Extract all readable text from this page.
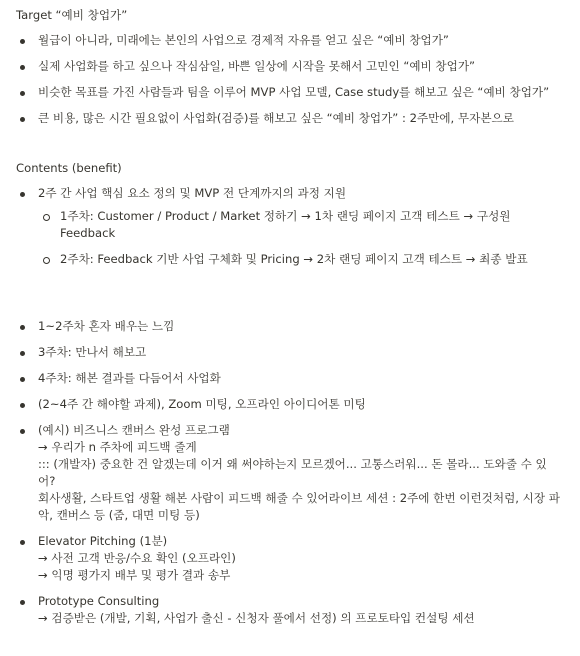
Target “예비 창업가”
월급이 아니라, 미래에는 본인의 사업으로 경제적 자유를 얻고 싶은 “예비 창업가”
실제 사업화를 하고 싶으나 작심삼일, 바쁜 일상에 시작을 못해서 고민인 “예비 창업가”
비슷한 목표를 가진 사람들과 팀을 이루어 MVP 사업 모델, Case study를 해보고 싶은 “예비 창업가”
큰 비용, 많은 시간 필요없이 사업화(검증)를 해보고 싶은 “예비 창업가” : 2주만에, 무자본으로
Contents (benefit)
2주 간 사업 핵심 요소 정의 및 MVP 전 단계까지의 과정 지원
1주차: Customer / Product / Market 정하기 → 1차 랜딩 페이지 고객 테스트 → 구성원 Feedback
2주차: Feedback 기반 사업 구체화 및 Pricing → 2차 랜딩 페이지 고객 테스트 → 최종 발표
1~2주차 혼자 배우는 느낌
3주차: 만나서 해보고
4주차: 해본 결과를 다듬어서 사업화
(2~4주 간 해야할 과제), Zoom 미팅, 오프라인 아이디어톤 미팅
(예시) 비즈니스 캔버스 완성 프로그램
→ 우리가 n 주차에 피드백 줄게
::: (개발자) 중요한 건 알겠는데 이거 왜 써야하는지 모르겠어... 고통스러워... 돈 몰라... 도와줄 수 있어?
회사생활, 스타트업 생활 해본 사람이 피드백 해줄 수 있어라이브 세션 : 2주에 한번 이런것처럼, 시장 파악, 캔버스 등 (줌, 대면 미팅 등)
Elevator Pitching (1분)
→ 사전 고객 반응/수요 확인 (오프라인)
→ 익명 평가지 배부 및 평가 결과 송부
Prototype Consulting
→ 검증받은 (개발, 기획, 사업가 출신 - 신청자 풀에서 선정) 의 프로토타입 컨설팅 세션
